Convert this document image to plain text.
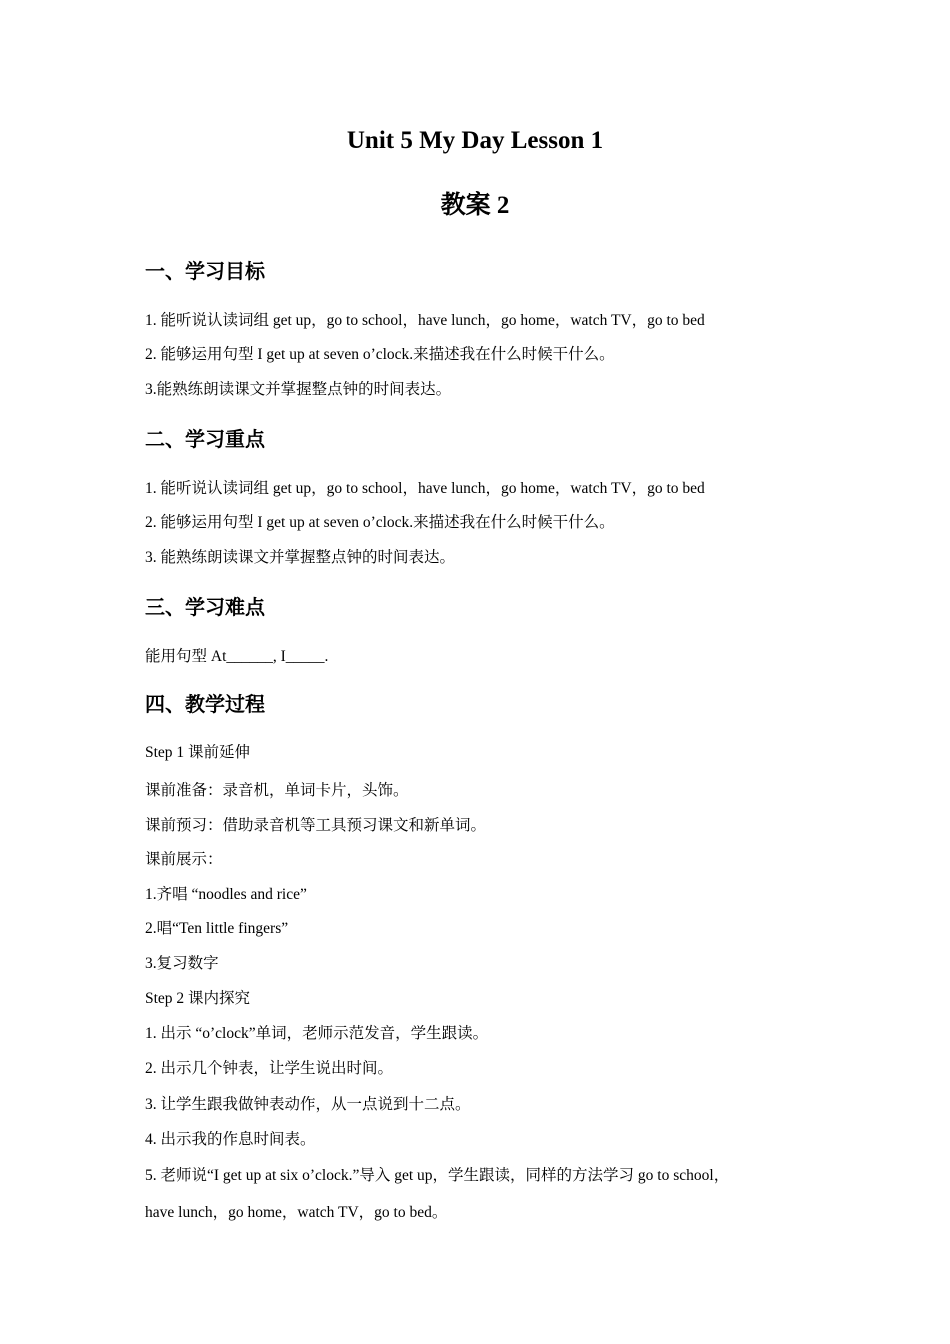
Unit 5 My Day Lesson 1
教案 2
一、学习目标

1. 能听说认读词组 get up，go to school，have lunch，go home，watch TV，go to bed

2. 能够运用句型 I get up at seven o’clock.来描述我在什么时候干什么。

3.能熟练朗读课文并掌握整点钟的时间表达。

二、学习重点

1. 能听说认读词组 get up，go to school，have lunch，go home，watch TV，go to bed

2. 能够运用句型 I get up at seven o’clock.来描述我在什么时候干什么。

3. 能熟练朗读课文并掌握整点钟的时间表达。

三、学习难点

能用句型 At______, I_____.

四、教学过程

Step 1 课前延伸

课前准备：录音机，单词卡片，头饰。

课前预习：借助录音机等工具预习课文和新单词。

课前展示：

1.齐唱 “noodles and rice”

2.唱“Ten little fingers”

3.复习数字

Step 2 课内探究

1. 出示 “o’clock”单词，老师示范发音，学生跟读。

2. 出示几个钟表，让学生说出时间。

3. 让学生跟我做钟表动作，从一点说到十二点。

4. 出示我的作息时间表。

5. 老师说“I get up at six o’clock.”导入 get up，学生跟读，同样的方法学习 go to school，

have lunch，go home，watch TV，go to bed。
